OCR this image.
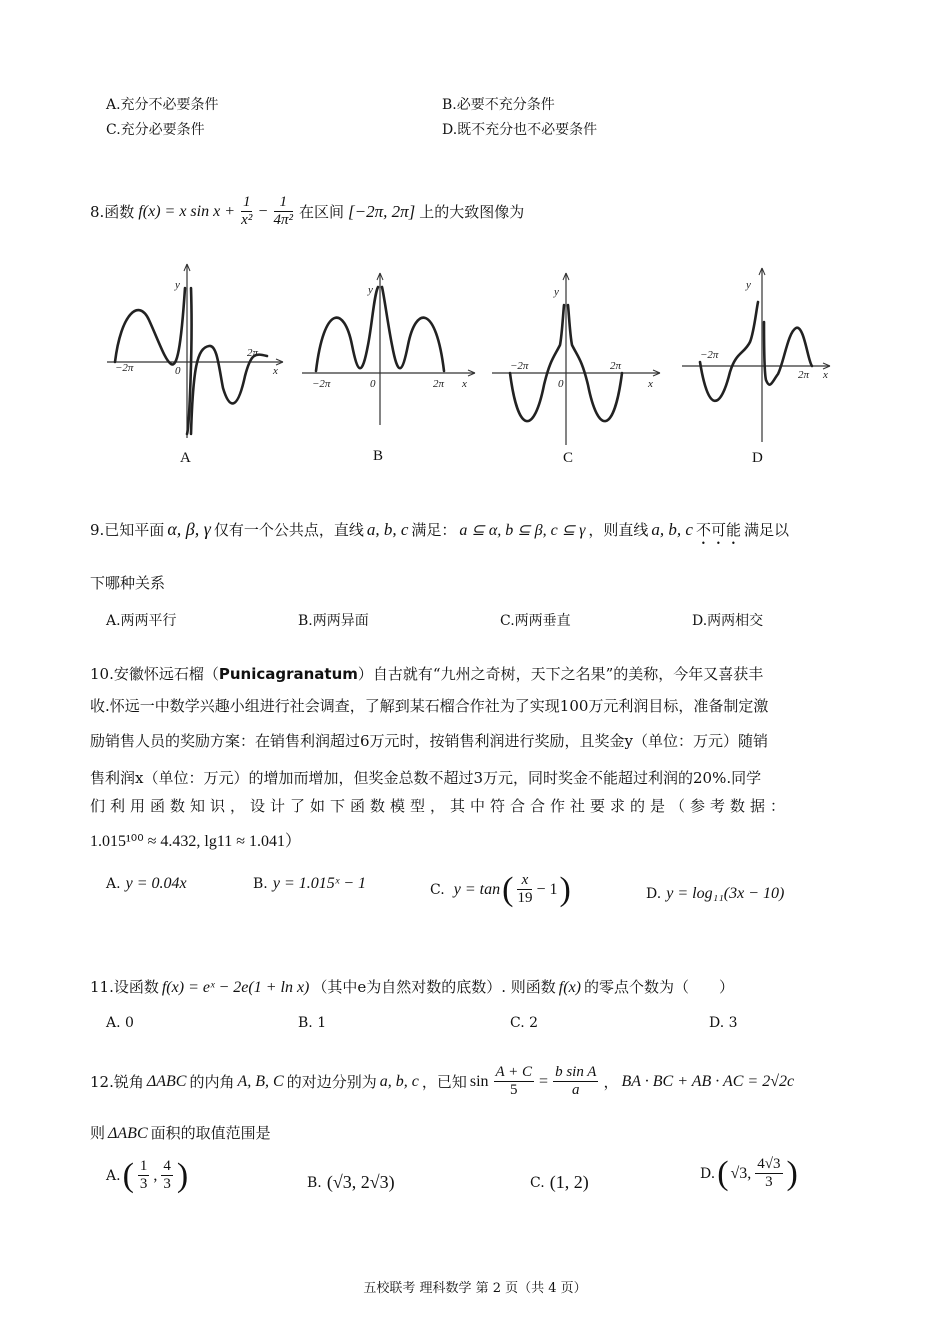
A.充分不必要条件	B.必要不充分条件
C.充分必要条件	D.既不充分也不必要条件
8.函数 f(x) = x $\sin x + \frac{1}{\text{x²}} - \frac{1}{\text{4π²}}$ 在区间 [−2π, 2π] 上的大致图像为
−2π
2π
y
x
0
A
−2π	2π
y
x
0
B
−2π	2π
y
x
0
C
−2π
2π
y
x
D
9.已知平面 α, β, γ 仅有一个公共点，直线 a, b, c 满足： a ⊆ α, b ⊆ β, c ⊆ γ ，则直线 a, b, c 不可能 满足以
下哪种关系
A.两两平行	B.两两异面	C.两两垂直	D.两两相交
10.安徽怀远石榴（Punicagranatum）自古就有“九州之奇树，天下之名果”的美称，今年又喜获丰
收.怀远一中数学兴趣小组进行社会调查，了解到某石榴合作社为了实现100万元利润目标，准备制定激
励销售人员的奖励方案：在销售利润超过6万元时，按销售利润进行奖励，且奖金y（单位：万元）随销
售利润x（单位：万元）的增加而增加，但奖金总数不超过3万元，同时奖金不能超过利润的20%.同学
们利用函数知识，设计了如下函数模型，其中符合合作社要求的是（参考数据：
1.015¹⁰⁰ ≈ 4.432, lg11 ≈ 1.041）
A.
y = 0.04x	B.
y = 1.015ˣ − 1	C.
y = tan ( $\frac{x}{19} - 1$ )	D.
y = log₁₁(3x − 10)
11.设函数 f(x) = eˣ − 2e(1 + ln x) （其中e为自然对数的底数）. 则函数 f(x) 的零点个数为（　　）
A. 0	B. 1	C. 2	D. 3
12.锐角 ΔABC 的内角 A, B, C 的对边分别为 a, b, c ，已知 $\sin \frac{A + C}{5} = \frac{\text{b sin A}}{a}$ ， BA · BC + AB · AC = 2√2c
则 ΔABC 面积的取值范围是
A. ( $\frac{1}{3}$ , $\frac{4}{3}$ )	B.
(√3, 2√3)	C.
(1, 2)	D. ( √3, $\frac{4√3}{3}$ )
五校联考 理科数学 第 2 页（共 4 页）
